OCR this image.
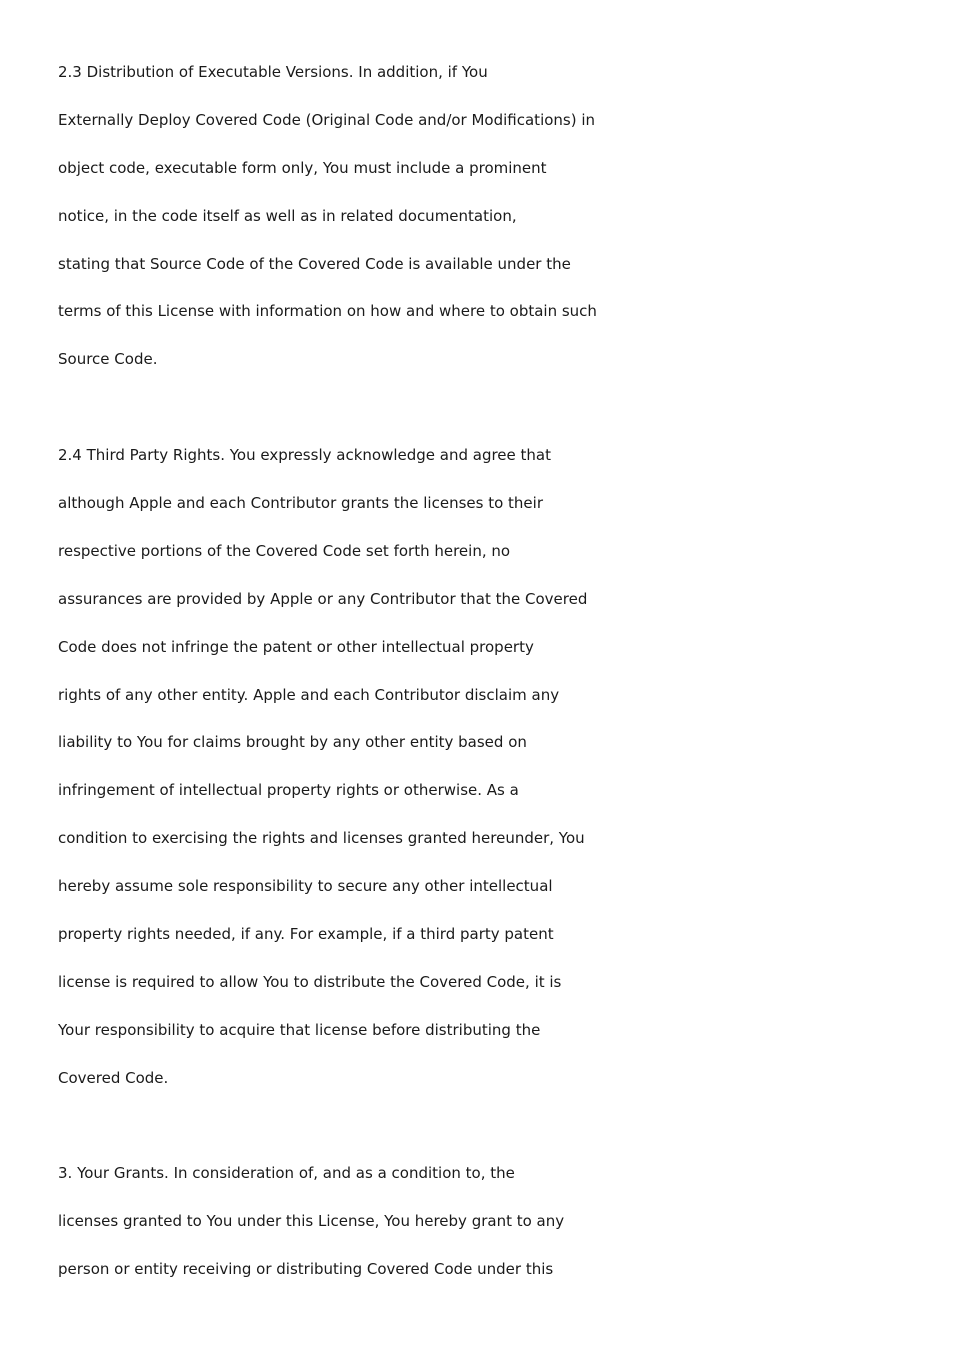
2.3 Distribution of Executable Versions. In addition, if You
Externally Deploy Covered Code (Original Code and/or Modifications) in
object code, executable form only, You must include a prominent
notice, in the code itself as well as in related documentation,
stating that Source Code of the Covered Code is available under the
terms of this License with information on how and where to obtain such
Source Code.
2.4 Third Party Rights. You expressly acknowledge and agree that
although Apple and each Contributor grants the licenses to their
respective portions of the Covered Code set forth herein, no
assurances are provided by Apple or any Contributor that the Covered
Code does not infringe the patent or other intellectual property
rights of any other entity. Apple and each Contributor disclaim any
liability to You for claims brought by any other entity based on
infringement of intellectual property rights or otherwise. As a
condition to exercising the rights and licenses granted hereunder, You
hereby assume sole responsibility to secure any other intellectual
property rights needed, if any. For example, if a third party patent
license is required to allow You to distribute the Covered Code, it is
Your responsibility to acquire that license before distributing the
Covered Code.
3. Your Grants. In consideration of, and as a condition to, the
licenses granted to You under this License, You hereby grant to any
person or entity receiving or distributing Covered Code under this
